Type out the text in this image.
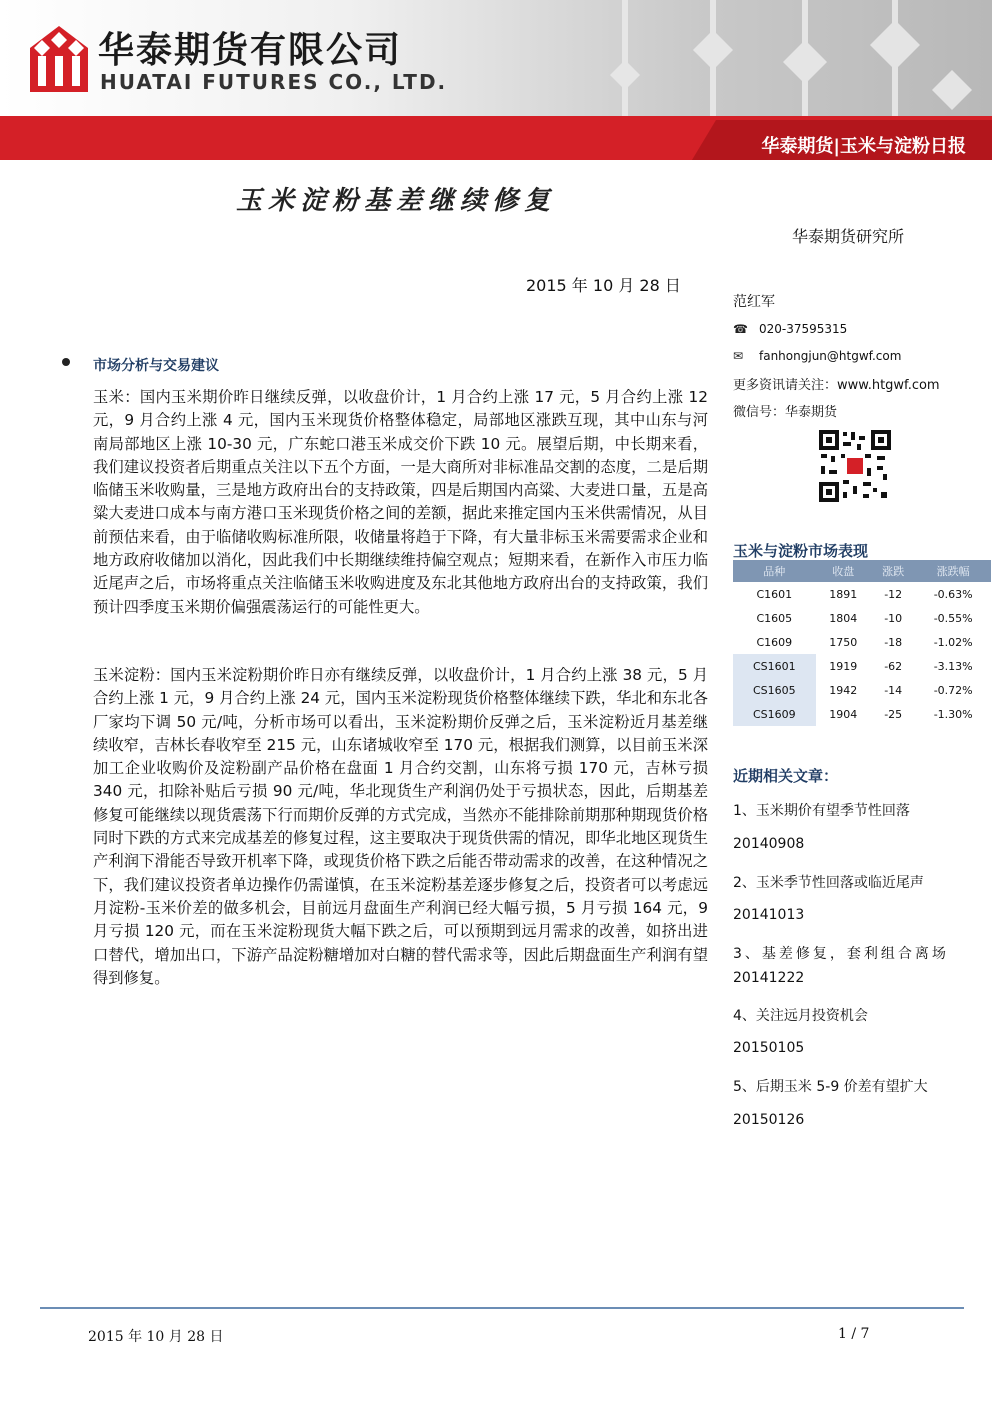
华泰期货有限公司
HUATAI FUTURES CO., LTD.
华泰期货|玉米与淀粉日报
玉米淀粉基差继续修复
华泰期货研究所
2015 年 10 月 28 日
范红军
☎ 020-37595315
✉ fanhongjun@htgwf.com
更多资讯请关注：www.htgwf.com
微信号：华泰期货
玉米与淀粉市场表现
品种	收盘	涨跌	涨跌幅
C1601	1891	-12	-0.63%
C1605	1804	-10	-0.55%
C1609	1750	-18	-1.02%
CS1601	1919	-62	-3.13%
CS1605	1942	-14	-0.72%
CS1609	1904	-25	-1.30%
近期相关文章：
1、玉米期价有望季节性回落
20140908
2、玉米季节性回落或临近尾声
20141013
3、基差修复，套利组合离场
20141222
4、关注远月投资机会
20150105
5、后期玉米 5-9 价差有望扩大
20150126
市场分析与交易建议
玉米：国内玉米期价昨日继续反弹，以收盘价计，1 月合约上涨 17 元，5 月合约上涨 12 元，9 月合约上涨 4 元，国内玉米现货价格整体稳定，局部地区涨跌互现，其中山东与河南局部地区上涨 10-30 元，广东蛇口港玉米成交价下跌 10 元。展望后期，中长期来看，我们建议投资者后期重点关注以下五个方面，一是大商所对非标准品交割的态度，二是后期临储玉米收购量，三是地方政府出台的支持政策，四是后期国内高粱、大麦进口量，五是高粱大麦进口成本与南方港口玉米现货价格之间的差额，据此来推定国内玉米供需情况，从目前预估来看，由于临储收购标准所限，收储量将趋于下降，有大量非标玉米需要需求企业和地方政府收储加以消化，因此我们中长期继续维持偏空观点；短期来看，在新作入市压力临近尾声之后，市场将重点关注临储玉米收购进度及东北其他地方政府出台的支持政策，我们预计四季度玉米期价偏强震荡运行的可能性更大。
玉米淀粉：国内玉米淀粉期价昨日亦有继续反弹，以收盘价计，1 月合约上涨 38 元，5 月合约上涨 1 元，9 月合约上涨 24 元，国内玉米淀粉现货价格整体继续下跌，华北和东北各厂家均下调 50 元/吨，分析市场可以看出，玉米淀粉期价反弹之后，玉米淀粉近月基差继续收窄，吉林长春收窄至 215 元，山东诸城收窄至 170 元，根据我们测算，以目前玉米深加工企业收购价及淀粉副产品价格在盘面 1 月合约交割，山东将亏损 170 元，吉林亏损 340 元，扣除补贴后亏损 90 元/吨，华北现货生产利润仍处于亏损状态，因此，后期基差修复可能继续以现货震荡下行而期价反弹的方式完成，当然亦不能排除前期那种期现货价格同时下跌的方式来完成基差的修复过程，这主要取决于现货供需的情况，即华北地区现货生产利润下滑能否导致开机率下降，或现货价格下跌之后能否带动需求的改善，在这种情况之下，我们建议投资者单边操作仍需谨慎，在玉米淀粉基差逐步修复之后，投资者可以考虑远月淀粉-玉米价差的做多机会，目前远月盘面生产利润已经大幅亏损，5 月亏损 164 元，9 月亏损 120 元，而在玉米淀粉现货大幅下跌之后，可以预期到远月需求的改善，如挤出进口替代，增加出口，下游产品淀粉糖增加对白糖的替代需求等，因此后期盘面生产利润有望得到修复。
2015 年 10 月 28 日	1 / 7
